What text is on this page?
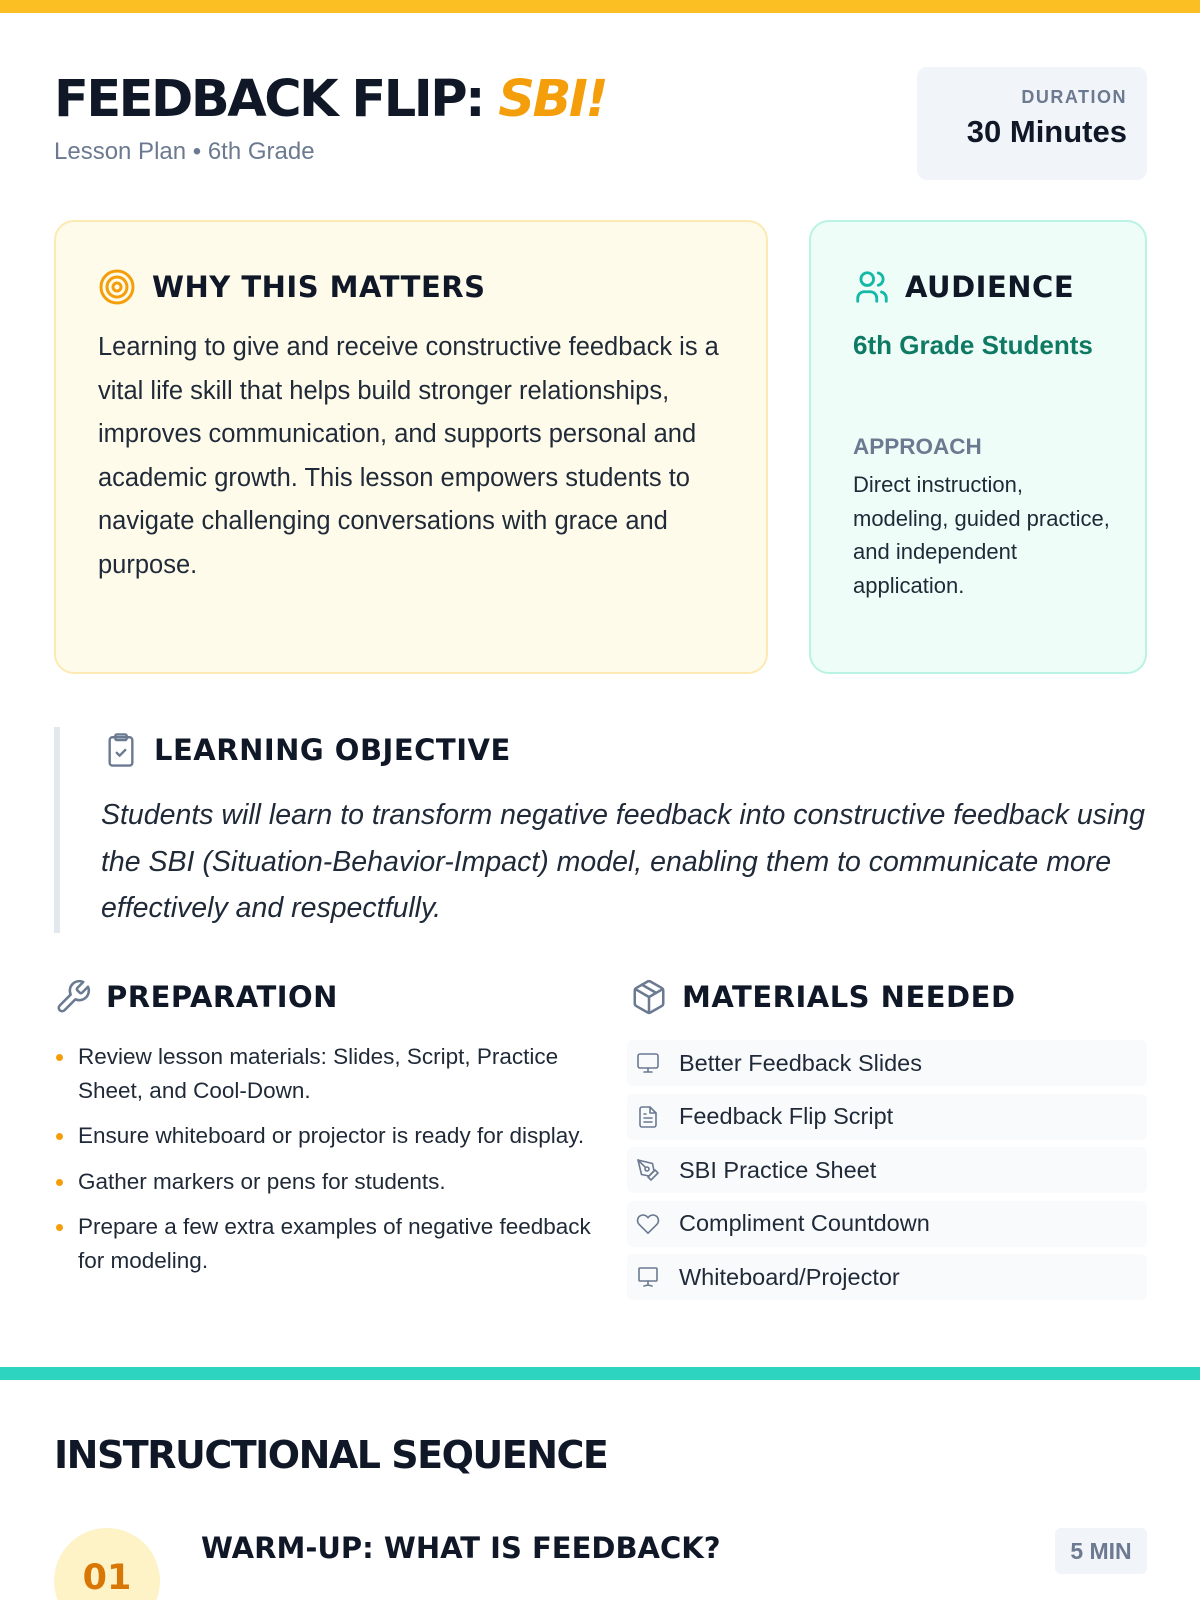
FEEDBACK FLIP: SBI!
Lesson Plan • 6th Grade
DURATION
30 Minutes
WHY THIS MATTERS
Learning to give and receive constructive feedback is a vital life skill that helps build stronger relationships, improves communication, and supports personal and academic growth. This lesson empowers students to navigate challenging conversations with grace and purpose.
AUDIENCE
6th Grade Students
APPROACH
Direct instruction, modeling, guided practice, and independent application.
LEARNING OBJECTIVE
Students will learn to transform negative feedback into constructive feedback using the SBI (Situation-Behavior-Impact) model, enabling them to communicate more effectively and respectfully.
PREPARATION
Review lesson materials: Slides, Script, Practice Sheet, and Cool-Down.
Ensure whiteboard or projector is ready for display.
Gather markers or pens for students.
Prepare a few extra examples of negative feedback for modeling.
MATERIALS NEEDED
Better Feedback Slides
Feedback Flip Script
SBI Practice Sheet
Compliment Countdown
Whiteboard/Projector
INSTRUCTIONAL SEQUENCE
01
WARM-UP: WHAT IS FEEDBACK?	5 MIN
